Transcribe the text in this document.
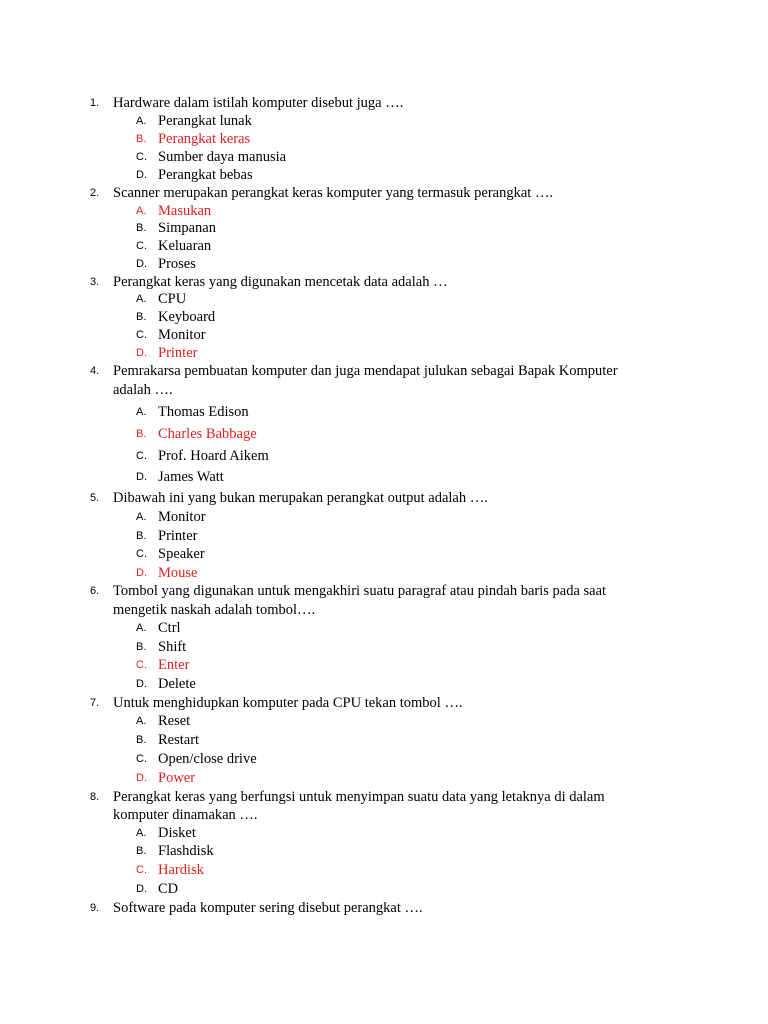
1. Hardware dalam istilah komputer disebut juga ….
A. Perangkat lunak
B. Perangkat keras
C. Sumber daya manusia
D. Perangkat bebas
2. Scanner merupakan perangkat keras komputer yang termasuk perangkat ….
A. Masukan
B. Simpanan
C. Keluaran
D. Proses
3. Perangkat keras yang digunakan mencetak data adalah …
A. CPU
B. Keyboard
C. Monitor
D. Printer
4. Pemrakarsa pembuatan komputer dan juga mendapat julukan sebagai Bapak Komputer
adalah ….
A. Thomas Edison
B. Charles Babbage
C. Prof. Hoard Aikem
D. James Watt
5. Dibawah ini yang bukan merupakan perangkat output adalah ….
A. Monitor
B. Printer
C. Speaker
D. Mouse
6. Tombol yang digunakan untuk mengakhiri suatu paragraf atau pindah baris pada saat
mengetik naskah adalah tombol….
A. Ctrl
B. Shift
C. Enter
D. Delete
7. Untuk menghidupkan komputer pada CPU tekan tombol ….
A. Reset
B. Restart
C. Open/close drive
D. Power
8. Perangkat keras yang berfungsi untuk menyimpan suatu data yang letaknya di dalam
komputer dinamakan ….
A. Disket
B. Flashdisk
C. Hardisk
D. CD
9. Software pada komputer sering disebut perangkat ….
